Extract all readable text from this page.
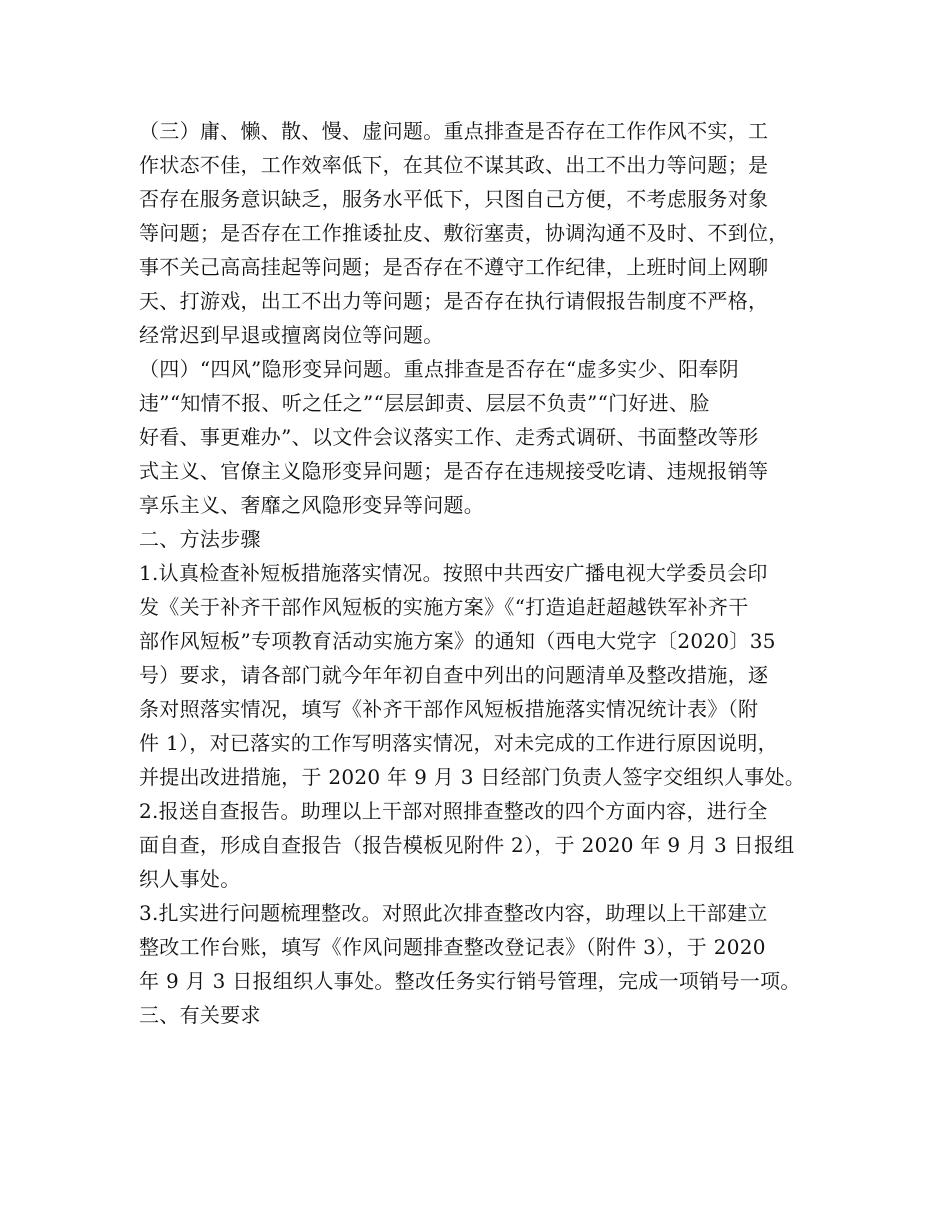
（三）庸、懒、散、慢、虚问题。重点排查是否存在工作作风不实，工
作状态不佳，工作效率低下，在其位不谋其政、出工不出力等问题；是
否存在服务意识缺乏，服务水平低下，只图自己方便，不考虑服务对象
等问题；是否存在工作推诿扯皮、敷衍塞责，协调沟通不及时、不到位，
事不关己高高挂起等问题；是否存在不遵守工作纪律，上班时间上网聊
天、打游戏，出工不出力等问题；是否存在执行请假报告制度不严格，
经常迟到早退或擅离岗位等问题。
（四）“四风”隐形变异问题。重点排查是否存在“虚多实少、阳奉阴
违”“知情不报、听之任之”“层层卸责、层层不负责”“门好进、脸
好看、事更难办”、以文件会议落实工作、走秀式调研、书面整改等形
式主义、官僚主义隐形变异问题；是否存在违规接受吃请、违规报销等
享乐主义、奢靡之风隐形变异等问题。
二、方法步骤
1.认真检查补短板措施落实情况。按照中共西安广播电视大学委员会印
发《关于补齐干部作风短板的实施方案》《“打造追赶超越铁军补齐干
部作风短板”专项教育活动实施方案》的通知（西电大党字〔2020〕35
号）要求，请各部门就今年年初自查中列出的问题清单及整改措施，逐
条对照落实情况，填写《补齐干部作风短板措施落实情况统计表》（附
件 1），对已落实的工作写明落实情况，对未完成的工作进行原因说明，
并提出改进措施，于 2020 年 9 月 3 日经部门负责人签字交组织人事处。
2.报送自查报告。助理以上干部对照排查整改的四个方面内容，进行全
面自查，形成自查报告（报告模板见附件 2），于 2020 年 9 月 3 日报组
织人事处。
3.扎实进行问题梳理整改。对照此次排查整改内容，助理以上干部建立
整改工作台账，填写《作风问题排查整改登记表》（附件 3），于 2020
年 9 月 3 日报组织人事处。整改任务实行销号管理，完成一项销号一项。
三、有关要求
